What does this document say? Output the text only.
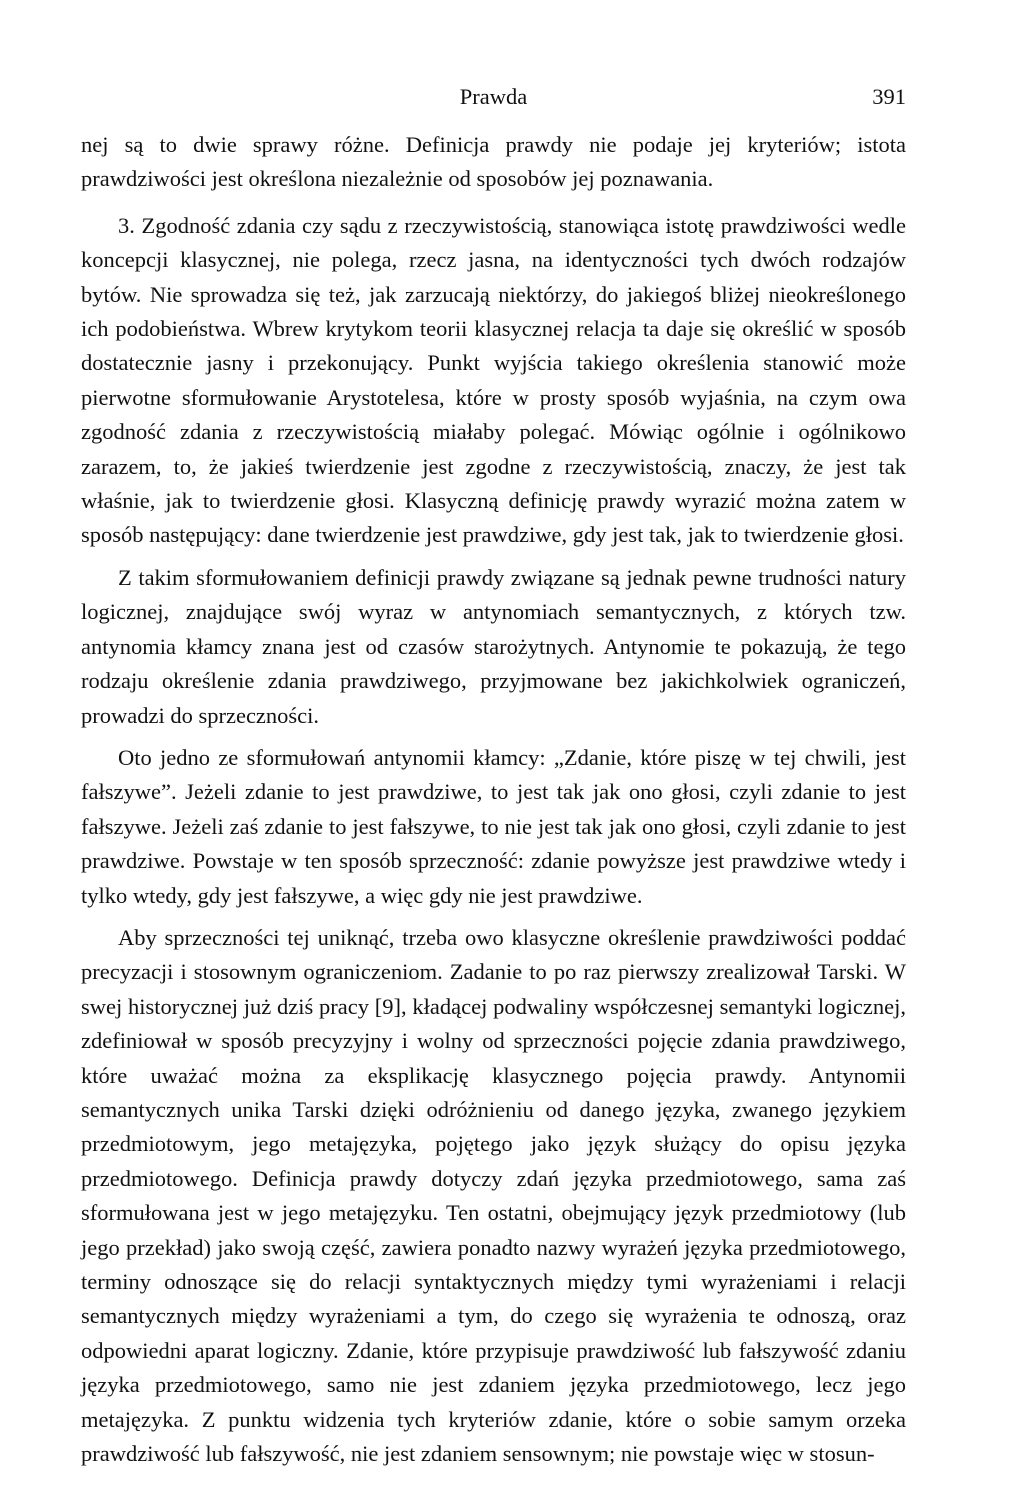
Prawda	391

nej są to dwie sprawy różne. Definicja prawdy nie podaje jej kryteriów; istota prawdziwości jest określona niezależnie od sposobów jej poznawania.

3. Zgodność zdania czy sądu z rzeczywistością, stanowiąca istotę prawdziwości wedle koncepcji klasycznej, nie polega, rzecz jasna, na identyczności tych dwóch rodzajów bytów. Nie sprowadza się też, jak zarzucają niektórzy, do jakiegoś bliżej nieokreślonego ich podobieństwa. Wbrew krytykom teorii klasycznej relacja ta daje się określić w sposób dostatecznie jasny i przekonujący. Punkt wyjścia takiego określenia stanowić może pierwotne sformułowanie Arystotelesa, które w prosty sposób wyjaśnia, na czym owa zgodność zdania z rzeczywistością miałaby polegać. Mówiąc ogólnie i ogólnikowo zarazem, to, że jakieś twierdzenie jest zgodne z rzeczywistością, znaczy, że jest tak właśnie, jak to twierdzenie głosi. Klasyczną definicję prawdy wyrazić można zatem w sposób następujący: dane twierdzenie jest prawdziwe, gdy jest tak, jak to twierdzenie głosi.

Z takim sformułowaniem definicji prawdy związane są jednak pewne trudności natury logicznej, znajdujące swój wyraz w antynomiach semantycznych, z których tzw. antynomia kłamcy znana jest od czasów starożytnych. Antynomie te pokazują, że tego rodzaju określenie zdania prawdziwego, przyjmowane bez jakichkolwiek ograniczeń, prowadzi do sprzeczności.

Oto jedno ze sformułowań antynomii kłamcy: „Zdanie, które piszę w tej chwili, jest fałszywe”. Jeżeli zdanie to jest prawdziwe, to jest tak jak ono głosi, czyli zdanie to jest fałszywe. Jeżeli zaś zdanie to jest fałszywe, to nie jest tak jak ono głosi, czyli zdanie to jest prawdziwe. Powstaje w ten sposób sprzeczność: zdanie powyższe jest prawdziwe wtedy i tylko wtedy, gdy jest fałszywe, a więc gdy nie jest prawdziwe.

Aby sprzeczności tej uniknąć, trzeba owo klasyczne określenie prawdziwości poddać precyzacji i stosownym ograniczeniom. Zadanie to po raz pierwszy zrealizował Tarski. W swej historycznej już dziś pracy [9], kładącej podwaliny współczesnej semantyki logicznej, zdefiniował w sposób precyzyjny i wolny od sprzeczności pojęcie zdania prawdziwego, które uważać można za eksplikację klasycznego pojęcia prawdy. Antynomii semantycznych unika Tarski dzięki odróżnieniu od danego języka, zwanego językiem przedmiotowym, jego metajęzyka, pojętego jako język służący do opisu języka przedmiotowego. Definicja prawdy dotyczy zdań języka przedmiotowego, sama zaś sformułowana jest w jego metajęzyku. Ten ostatni, obejmujący język przedmiotowy (lub jego przekład) jako swoją część, zawiera ponadto nazwy wyrażeń języka przedmiotowego, terminy odnoszące się do relacji syntaktycznych między tymi wyrażeniami i relacji semantycznych między wyrażeniami a tym, do czego się wyrażenia te odnoszą, oraz odpowiedni aparat logiczny. Zdanie, które przypisuje prawdziwość lub fałszywość zdaniu języka przedmiotowego, samo nie jest zdaniem języka przedmiotowego, lecz jego metajęzyka. Z punktu widzenia tych kryteriów zdanie, które o sobie samym orzeka prawdziwość lub fałszywość, nie jest zdaniem sensownym; nie powstaje więc w stosun-
